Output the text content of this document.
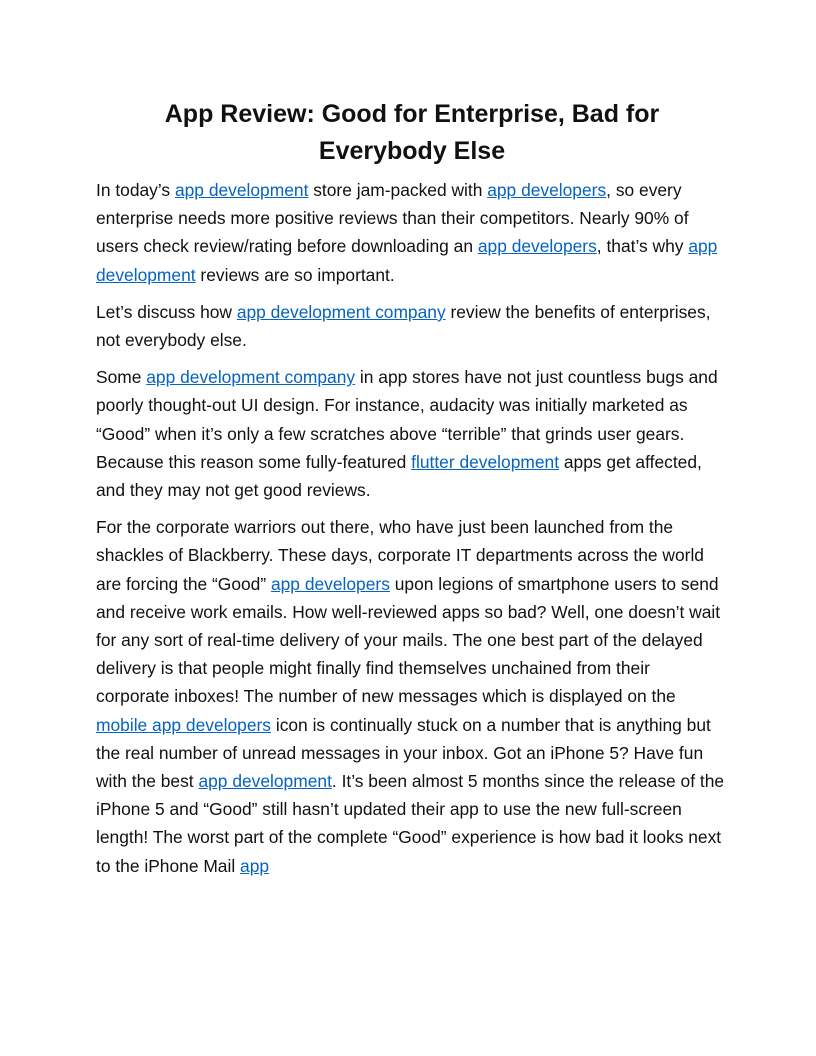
App Review: Good for Enterprise, Bad for Everybody Else

In today’s app development store jam-packed with app developers, so every enterprise needs more positive reviews than their competitors. Nearly 90% of users check review/rating before downloading an app developers, that’s why app development reviews are so important.

Let’s discuss how app development company review the benefits of enterprises, not everybody else.

Some app development company in app stores have not just countless bugs and poorly thought-out UI design. For instance, audacity was initially marketed as “Good” when it’s only a few scratches above “terrible” that grinds user gears. Because this reason some fully-featured flutter development apps get affected, and they may not get good reviews.

For the corporate warriors out there, who have just been launched from the shackles of Blackberry. These days, corporate IT departments across the world are forcing the “Good” app developers upon legions of smartphone users to send and receive work emails. How well-reviewed apps so bad? Well, one doesn’t wait for any sort of real-time delivery of your mails. The one best part of the delayed delivery is that people might finally find themselves unchained from their corporate inboxes! The number of new messages which is displayed on the mobile app developers icon is continually stuck on a number that is anything but the real number of unread messages in your inbox. Got an iPhone 5? Have fun with the best app development. It’s been almost 5 months since the release of the iPhone 5 and “Good” still hasn’t updated their app to use the new full-screen length! The worst part of the complete “Good” experience is how bad it looks next to the iPhone Mail app
